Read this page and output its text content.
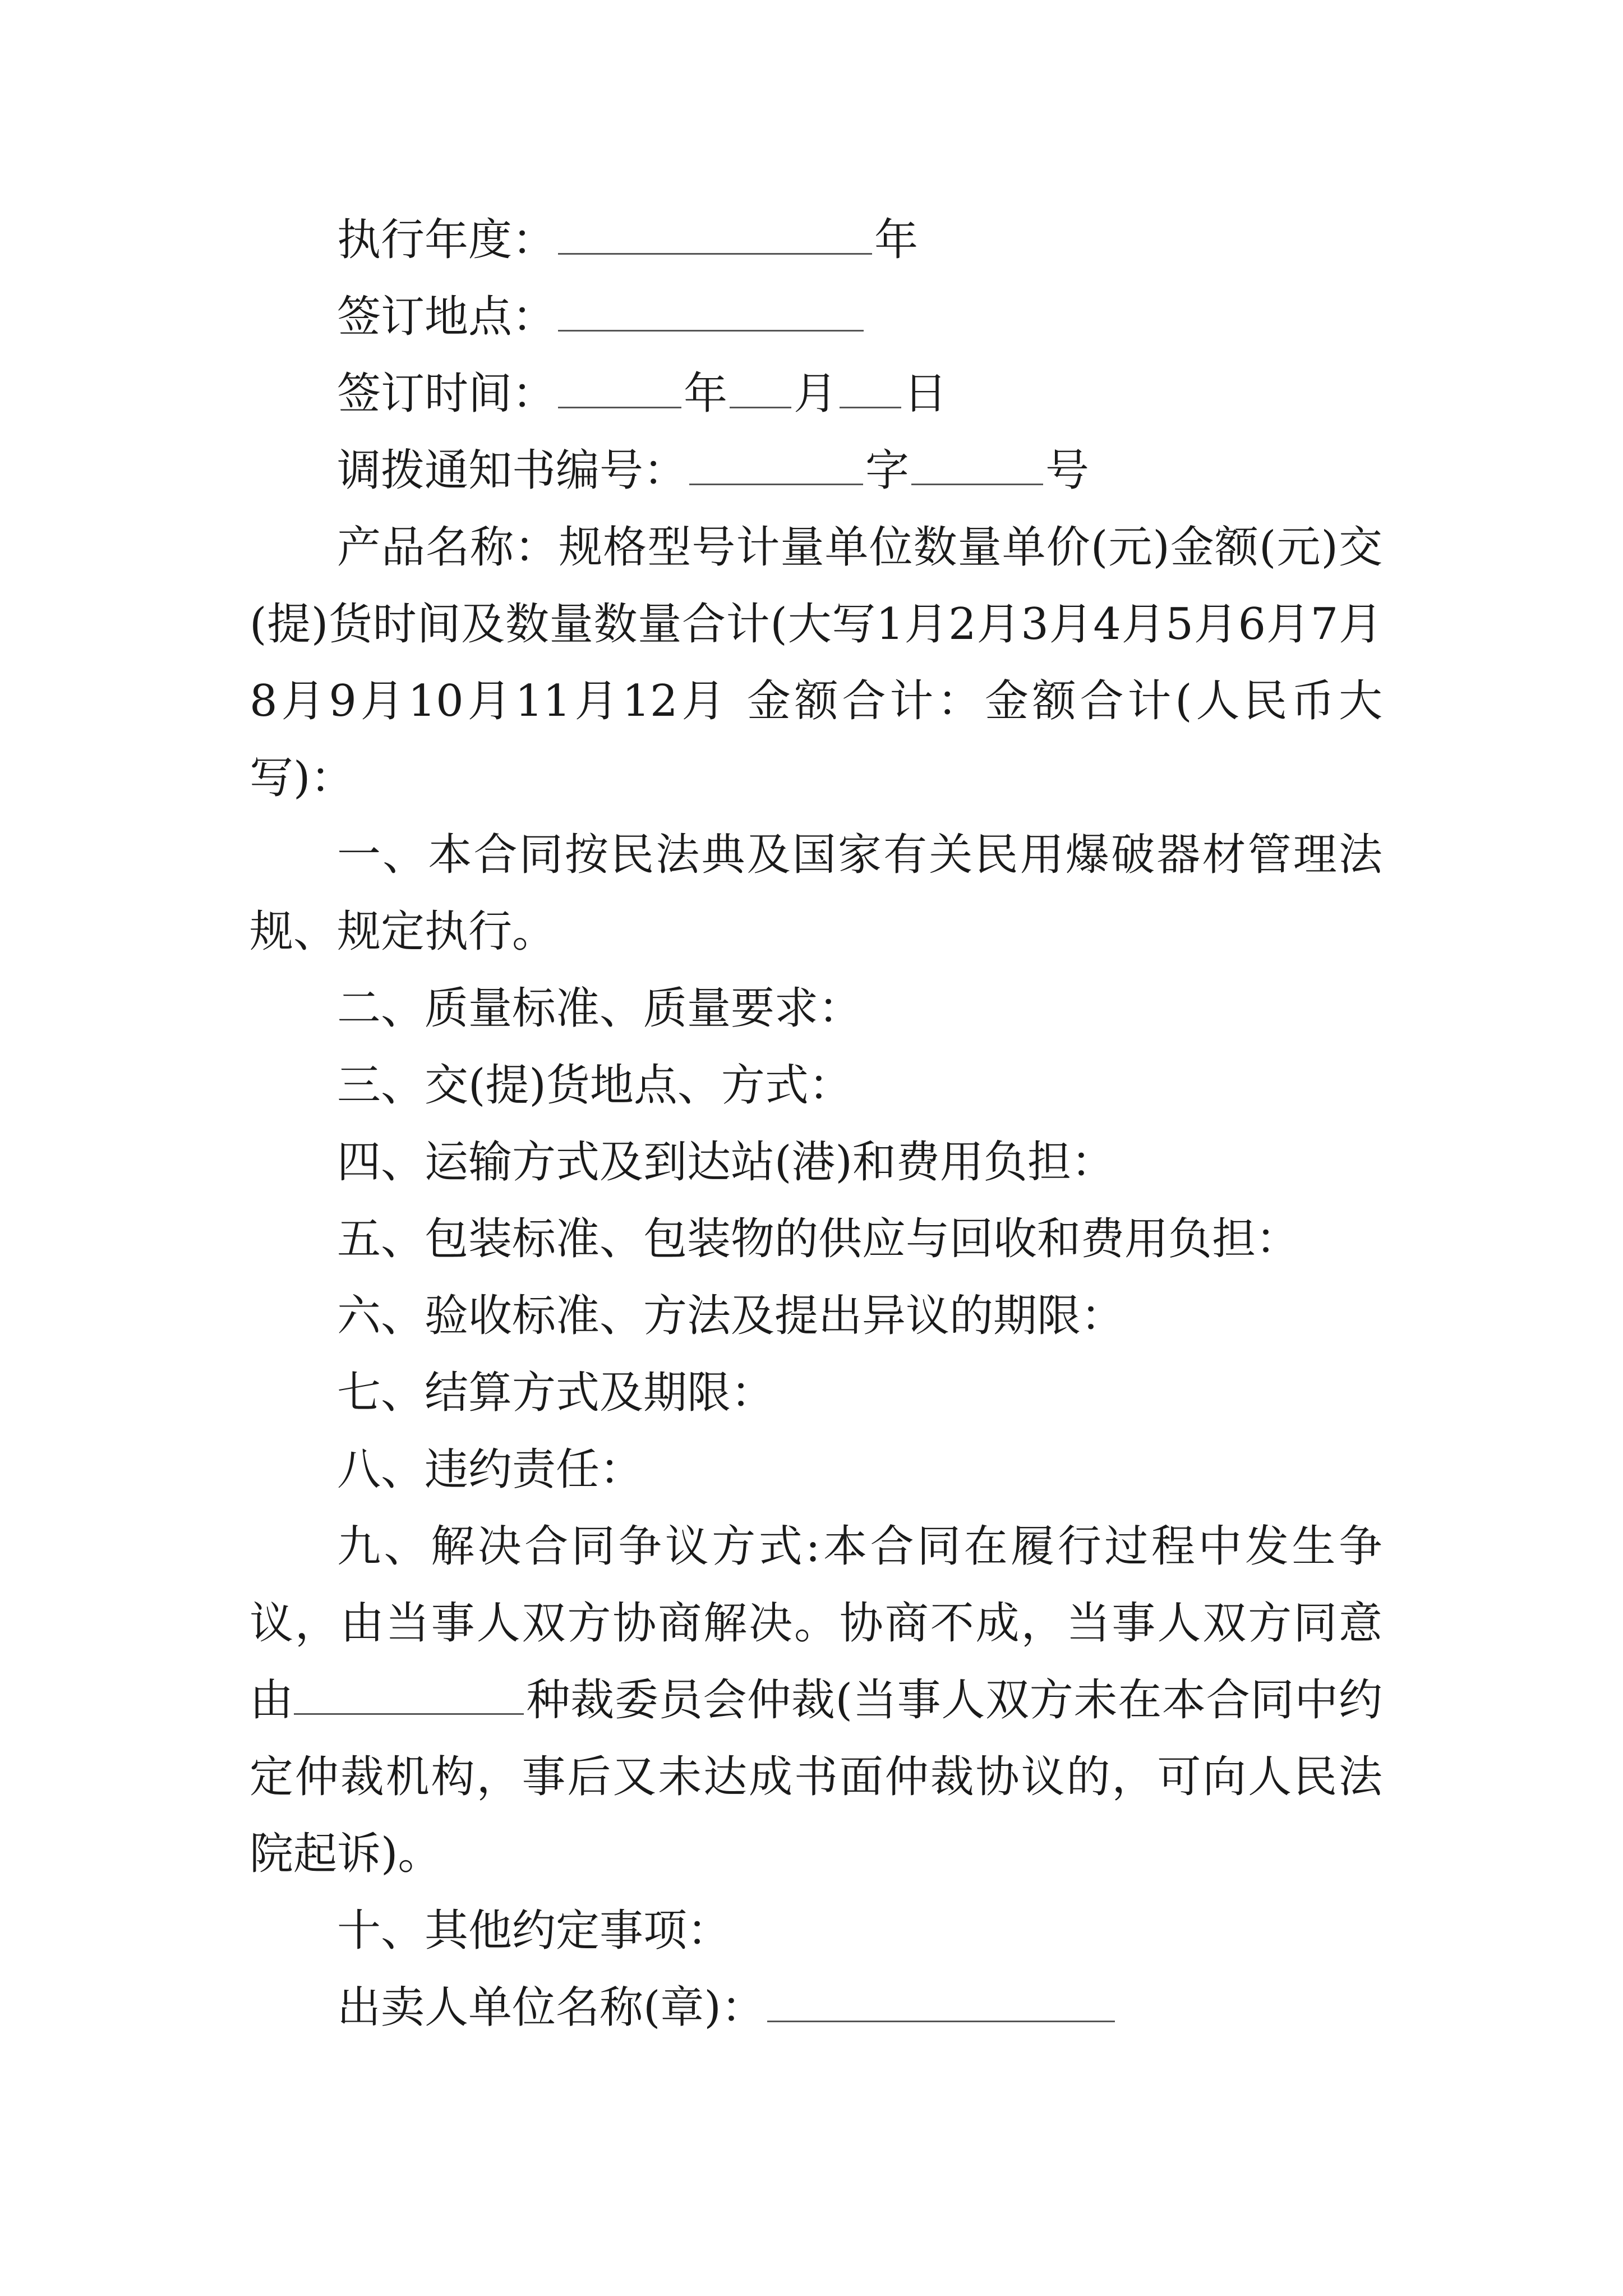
执行年度：	年

签订地点：

签订时间：	年 月 日

调拨通知书编号：	字	号

产品名称：规格型号计量单位数量单价(元)金额(元)交(提)货时间及数量数量合计(大写1月2月3月4月5月6月7月8月9月10月11月12月 金额合计：金额合计(人民币大写)：

一、本合同按民法典及国家有关民用爆破器材管理法规、规定执行。

二、质量标准、质量要求：

三、交(提)货地点、方式：

四、运输方式及到达站(港)和费用负担：

五、包装标准、包装物的供应与回收和费用负担：

六、验收标准、方法及提出异议的期限：

七、结算方式及期限：

八、违约责任：

九、解决合同争议方式:本合同在履行过程中发生争议，由当事人双方协商解决。协商不成，当事人双方同意由	种裁委员会仲裁(当事人双方未在本合同中约定仲裁机构，事后又未达成书面仲裁协议的，可向人民法院起诉)。

十、其他约定事项：

出卖人单位名称(章)：
